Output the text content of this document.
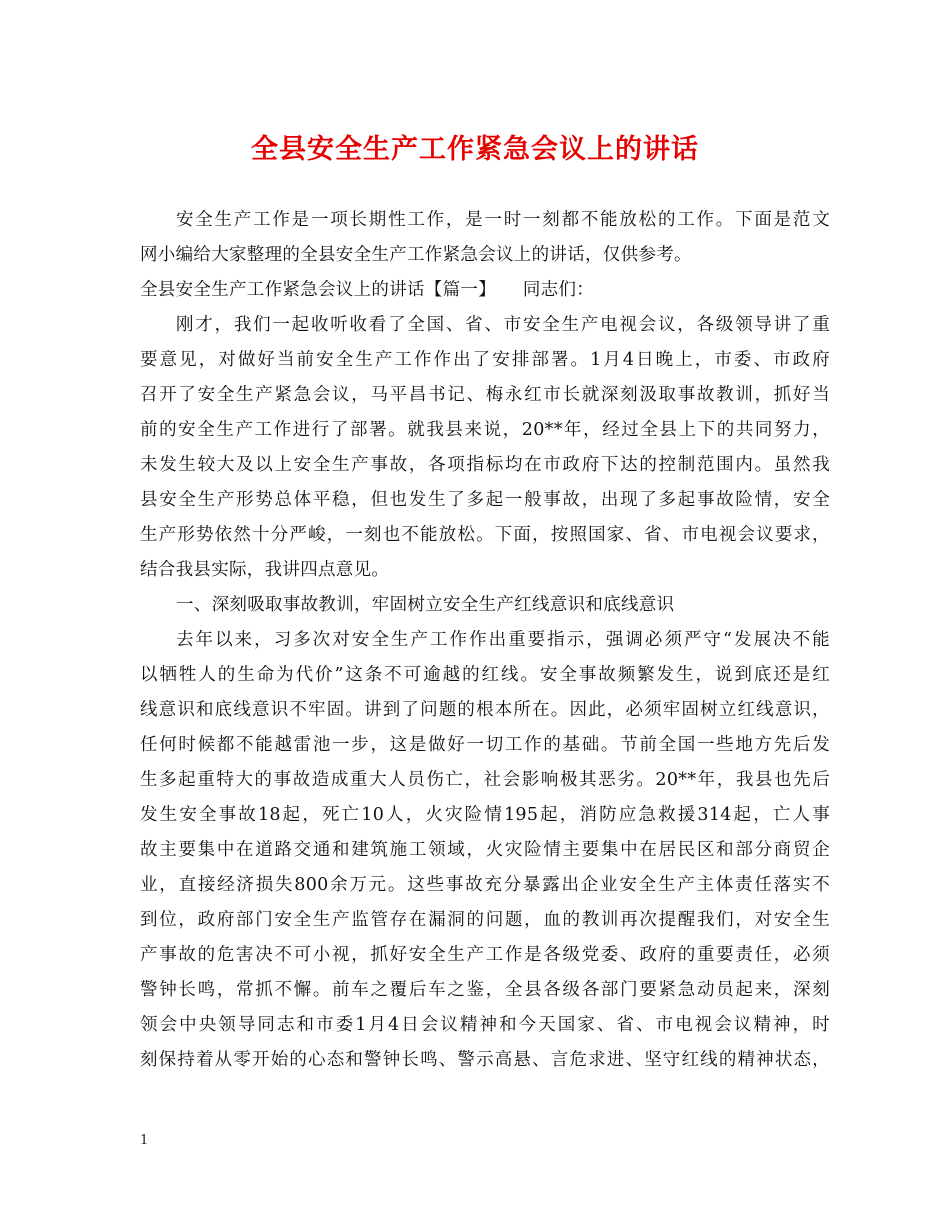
全县安全生产工作紧急会议上的讲话
安全生产工作是一项长期性工作，是一时一刻都不能放松的工作。下面是范文
网小编给大家整理的全县安全生产工作紧急会议上的讲话，仅供参考。
全县安全生产工作紧急会议上的讲话【篇一】　　同志们：
刚才，我们一起收听收看了全国、省、市安全生产电视会议，各级领导讲了重
要意见，对做好当前安全生产工作作出了安排部署。1月4日晚上，市委、市政府
召开了安全生产紧急会议，马平昌书记、梅永红市长就深刻汲取事故教训，抓好当
前的安全生产工作进行了部署。就我县来说，20**年，经过全县上下的共同努力，
未发生较大及以上安全生产事故，各项指标均在市政府下达的控制范围内。虽然我
县安全生产形势总体平稳，但也发生了多起一般事故，出现了多起事故险情，安全
生产形势依然十分严峻，一刻也不能放松。下面，按照国家、省、市电视会议要求，
结合我县实际，我讲四点意见。
一、深刻吸取事故教训，牢固树立安全生产红线意识和底线意识
去年以来，习多次对安全生产工作作出重要指示，强调必须严守“发展决不能
以牺牲人的生命为代价”这条不可逾越的红线。安全事故频繁发生，说到底还是红
线意识和底线意识不牢固。讲到了问题的根本所在。因此，必须牢固树立红线意识，
任何时候都不能越雷池一步，这是做好一切工作的基础。节前全国一些地方先后发
生多起重特大的事故造成重大人员伤亡，社会影响极其恶劣。20**年，我县也先后
发生安全事故18起，死亡10人，火灾险情195起，消防应急救援314起，亡人事
故主要集中在道路交通和建筑施工领域，火灾险情主要集中在居民区和部分商贸企
业，直接经济损失800余万元。这些事故充分暴露出企业安全生产主体责任落实不
到位，政府部门安全生产监管存在漏洞的问题，血的教训再次提醒我们，对安全生
产事故的危害决不可小视，抓好安全生产工作是各级党委、政府的重要责任，必须
警钟长鸣，常抓不懈。前车之覆后车之鉴，全县各级各部门要紧急动员起来，深刻
领会中央领导同志和市委1月4日会议精神和今天国家、省、市电视会议精神，时
刻保持着从零开始的心态和警钟长鸣、警示高悬、言危求进、坚守红线的精神状态，
1
